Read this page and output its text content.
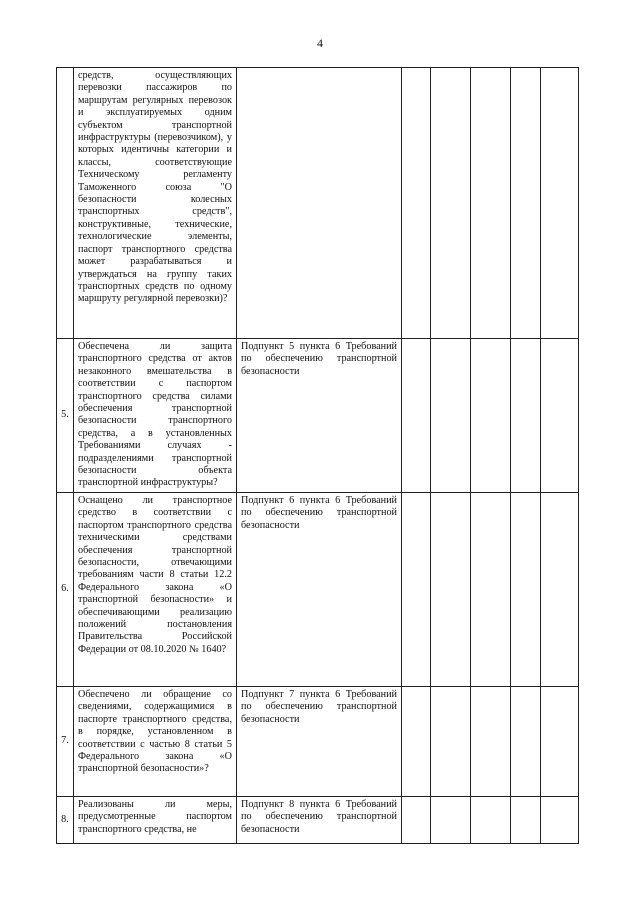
4
	средств, осуществляющих перевозки пассажиров по маршрутам регулярных перевозок и эксплуатируемых одним субъектом транспортной инфраструктуры (перевозчиком), у которых идентичны категории и классы, соответствующие Техническому регламенту Таможенного союза "О безопасности колесных транспортных средств", конструктивные, технические, технологические элементы, паспорт транспортного средства может разрабатываться и утверждаться на группу таких транспортных средств по одному маршруту регулярной перевозки)?						
5.	Обеспечена ли защита транспортного средства от актов незаконного вмешательства в соответствии с паспортом транспортного средства силами обеспечения транспортной безопасности транспортного средства, а в установленных Требованиями случаях - подразделениями транспортной безопасности объекта транспортной инфраструктуры?	Подпункт 5 пункта 6 Требований по обеспечению транспортной безопасности					
6.	Оснащено ли транспортное средство в соответствии с паспортом транспортного средства техническими средствами обеспечения транспортной безопасности, отвечающими требованиям части 8 статьи 12.2 Федерального закона «О транспортной безопасности» и обеспечивающими реализацию положений постановления Правительства Российской Федерации от 08.10.2020 № 1640?	Подпункт 6 пункта 6 Требований по обеспечению транспортной безопасности					
7.	Обеспечено ли обращение со сведениями, содержащимися в паспорте транспортного средства, в порядке, установленном в соответствии с частью 8 статьи 5 Федерального закона «О транспортной безопасности»?	Подпункт 7 пункта 6 Требований по обеспечению транспортной безопасности					
8.	Реализованы ли меры, предусмотренные паспортом транспортного средства, не	Подпункт 8 пункта 6 Требований по обеспечению транспортной безопасности					
